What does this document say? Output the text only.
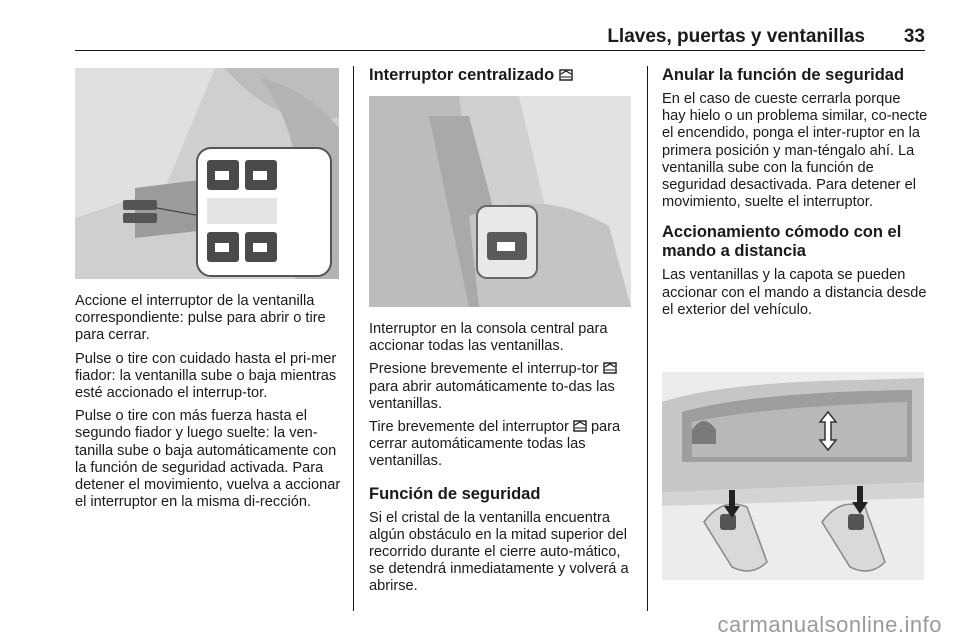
Llaves, puertas y ventanillas 33

Accione el interruptor de la ventanilla correspondiente: pulse para abrir o tire para cerrar.

Pulse o tire con cuidado hasta el pri-mer fiador: la ventanilla sube o baja mientras esté accionado el interrup-tor.

Pulse o tire con más fuerza hasta el segundo fiador y luego suelte: la ven-tanilla sube o baja automáticamente con la función de seguridad activada. Para detener el movimiento, vuelva a accionar el interruptor en la misma di-rección.

Interruptor centralizado

Interruptor en la consola central para accionar todas las ventanillas.

Presione brevemente el interrup-tor  para abrir automáticamente to-das las ventanillas.

Tire brevemente del interruptor para cerrar automáticamente todas las ventanillas.

Función de seguridad

Si el cristal de la ventanilla encuentra algún obstáculo en la mitad superior del recorrido durante el cierre auto-mático, se detendrá inmediatamente y volverá a abrirse.

Anular la función de seguridad

En el caso de cueste cerrarla porque hay hielo o un problema similar, co-necte el encendido, ponga el inter-ruptor en la primera posición y man-téngalo ahí. La ventanilla sube con la función de seguridad desactivada. Para detener el movimiento, suelte el interruptor.

Accionamiento cómodo con el mando a distancia

Las ventanillas y la capota se pueden accionar con el mando a distancia desde el exterior del vehículo.

carmanualsonline.info
